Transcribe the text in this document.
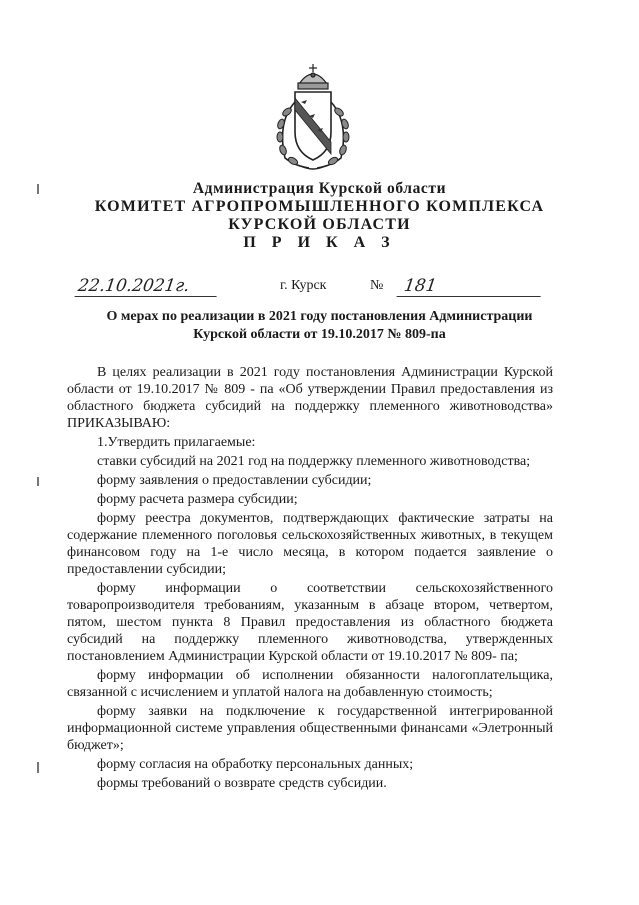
Администрация Курской области
КОМИТЕТ АГРОПРОМЫШЛЕННОГО КОМПЛЕКСА
КУРСКОЙ ОБЛАСТИ
П Р И К А З
22.10.2021г.	г. Курск	№	181
О мерах по реализации в 2021 году постановления Администрации
Курской области от 19.10.2017 № 809-па

В целях реализации в 2021 году постановления Администрации Курской области от 19.10.2017 № 809 - па «Об утверждении Правил предоставления из областного бюджета субсидий на поддержку племенного животноводства» ПРИКАЗЫВАЮ:

1.Утвердить прилагаемые:

ставки субсидий на 2021 год на поддержку племенного животноводства;

форму заявления о предоставлении субсидии;

форму расчета размера субсидии;

форму реестра документов, подтверждающих фактические затраты на содержание племенного поголовья сельскохозяйственных животных, в текущем финансовом году на 1-е число месяца, в котором подается заявление о предоставлении субсидии;

форму информации о соответствии сельскохозяйственного товаропроизводителя требованиям, указанным в абзаце втором, четвертом, пятом, шестом пункта 8 Правил предоставления из областного бюджета субсидий на поддержку племенного животноводства, утвержденных постановлением Администрации Курской области от 19.10.2017 № 809- па;

форму информации об исполнении обязанности налогоплательщика, связанной с исчислением и уплатой налога на добавленную стоимость;

форму заявки на подключение к государственной интегрированной информационной системе управления общественными финансами «Элетронный бюджет»;

форму согласия на обработку персональных данных;

формы требований о возврате средств субсидии.
